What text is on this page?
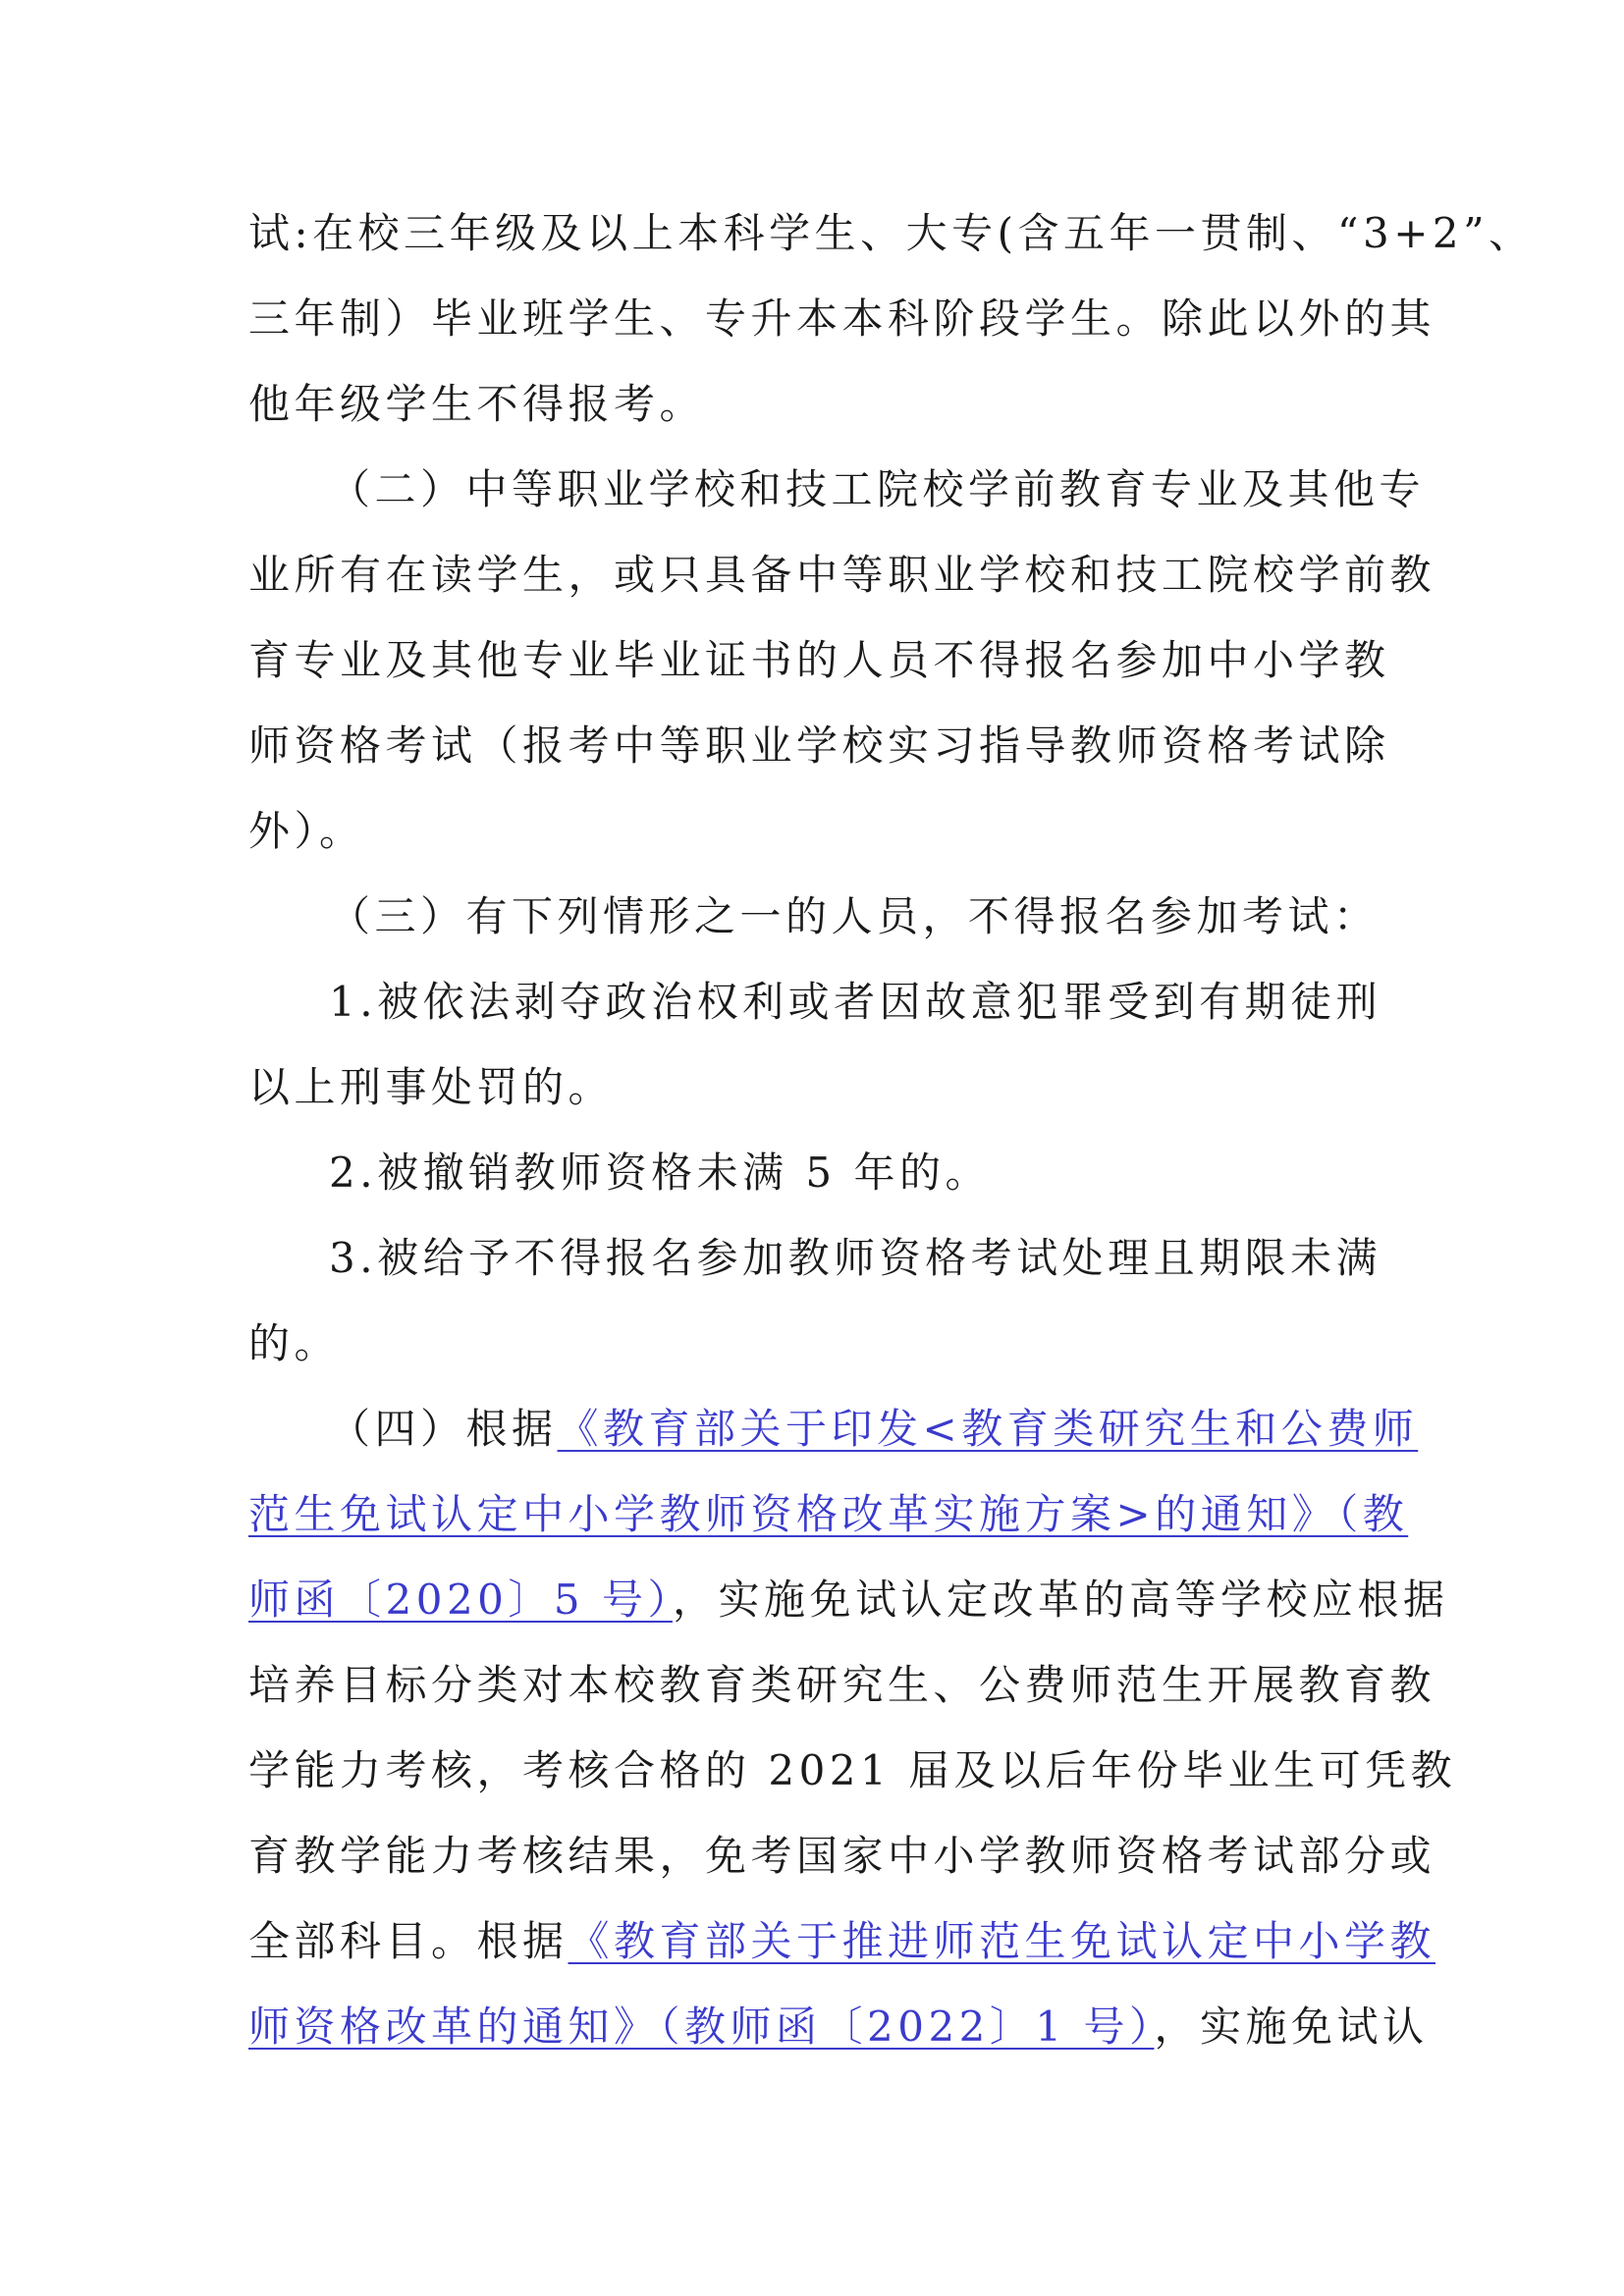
试:在校三年级及以上本科学生、大专(含五年一贯制、“3+2”、
三年制）毕业班学生、专升本本科阶段学生。除此以外的其
他年级学生不得报考。
（二）中等职业学校和技工院校学前教育专业及其他专
业所有在读学生，或只具备中等职业学校和技工院校学前教
育专业及其他专业毕业证书的人员不得报名参加中小学教
师资格考试（报考中等职业学校实习指导教师资格考试除
外）。
（三）有下列情形之一的人员，不得报名参加考试：
1.被依法剥夺政治权利或者因故意犯罪受到有期徒刑
以上刑事处罚的。
2.被撤销教师资格未满 5 年的。
3.被给予不得报名参加教师资格考试处理且期限未满
的。
（四）根据《教育部关于印发<教育类研究生和公费师
范生免试认定中小学教师资格改革实施方案>的通知》（教
师函〔2020〕5 号），实施免试认定改革的高等学校应根据
培养目标分类对本校教育类研究生、公费师范生开展教育教
学能力考核，考核合格的 2021 届及以后年份毕业生可凭教
育教学能力考核结果，免考国家中小学教师资格考试部分或
全部科目。根据《教育部关于推进师范生免试认定中小学教
师资格改革的通知》（教师函〔2022〕1 号），实施免试认
